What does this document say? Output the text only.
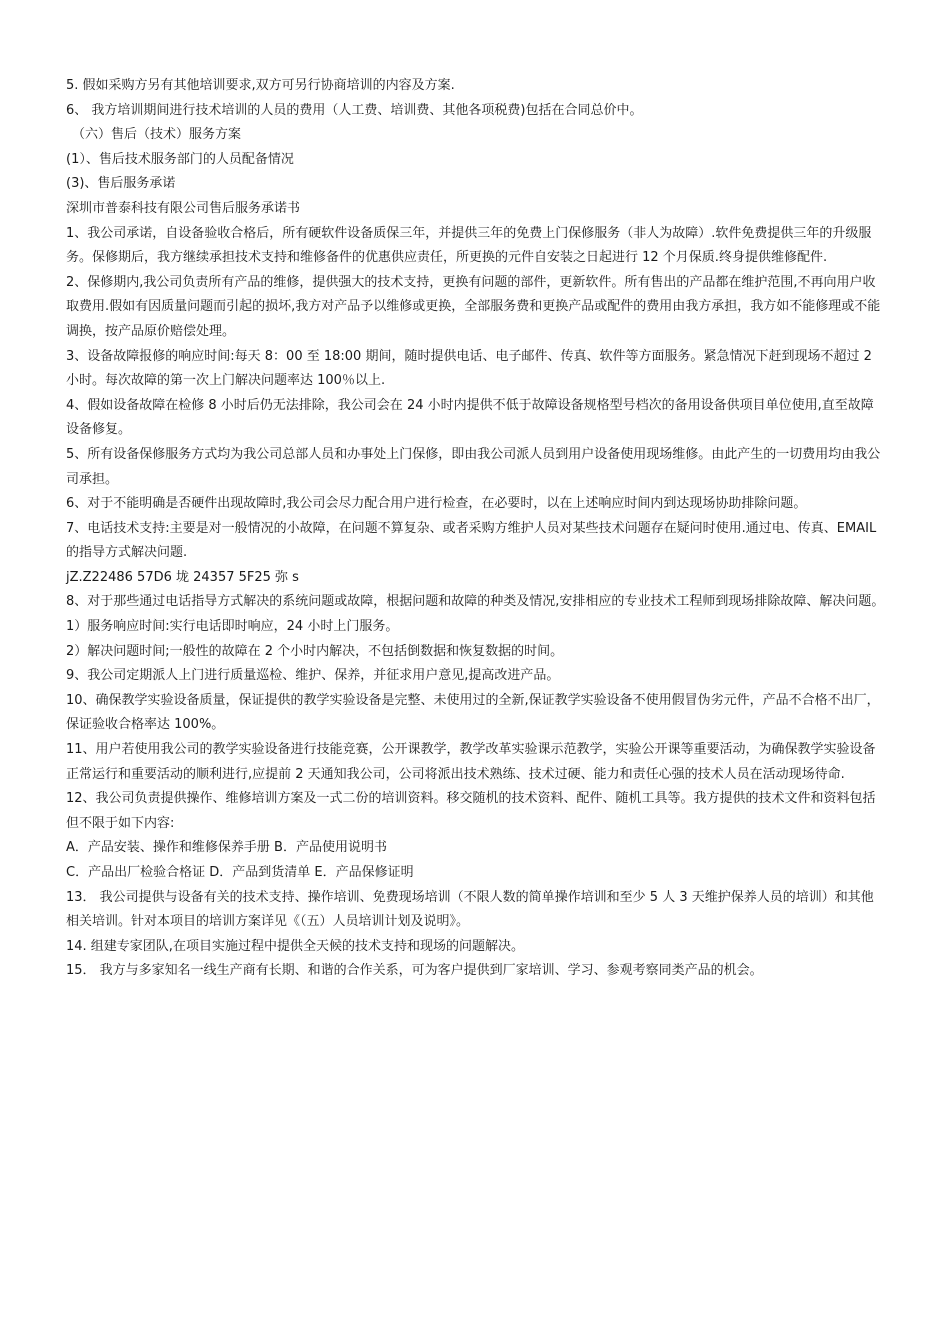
5. 假如采购方另有其他培训要求,双方可另行协商培训的内容及方案.

6、 我方培训期间进行技术培训的人员的费用（人工费、培训费、其他各项税费)包括在合同总价中。

（六）售后（技术）服务方案

(1）、售后技术服务部门的人员配备情况

(3)、售后服务承诺

深圳市普泰科技有限公司售后服务承诺书

1、我公司承诺，自设备验收合格后，所有硬软件设备质保三年，并提供三年的免费上门保修服务（非人为故障）.软件免费提供三年的升级服务。保修期后，我方继续承担技术支持和维修备件的优惠供应责任，所更换的元件自安装之日起进行 12 个月保质.终身提供维修配件.

2、保修期内,我公司负责所有产品的维修，提供强大的技术支持，更换有问题的部件，更新软件。所有售出的产品都在维护范围,不再向用户收取费用.假如有因质量问题而引起的损坏,我方对产品予以维修或更换，全部服务费和更换产品或配件的费用由我方承担，我方如不能修理或不能调换，按产品原价赔偿处理。

3、设备故障报修的响应时间:每天 8：00 至 18:00 期间，随时提供电话、电子邮件、传真、软件等方面服务。紧急情况下赶到现场不超过 2 小时。每次故障的第一次上门解决问题率达 100％以上.

4、假如设备故障在检修 8 小时后仍无法排除，我公司会在 24 小时内提供不低于故障设备规格型号档次的备用设备供项目单位使用,直至故障设备修复。

5、所有设备保修服务方式均为我公司总部人员和办事处上门保修，即由我公司派人员到用户设备使用现场维修。由此产生的一切费用均由我公司承担。

6、对于不能明确是否硬件出现故障时,我公司会尽力配合用户进行检查，在必要时，以在上述响应时间内到达现场协助排除问题。

7、电话技术支持:主要是对一般情况的小故障，在问题不算复杂、或者采购方维护人员对某些技术问题存在疑问时使用.通过电、传真、EMAIL 的指导方式解决问题.

jZ.Z22486 57D6 垅 24357 5F25 弥 s

8、对于那些通过电话指导方式解决的系统问题或故障，根据问题和故障的种类及情况,安排相应的专业技术工程师到现场排除故障、解决问题。

1）服务响应时间:实行电话即时响应，24 小时上门服务。

2）解决问题时间;一般性的故障在 2 个小时内解决，不包括倒数据和恢复数据的时间。

9、我公司定期派人上门进行质量巡检、维护、保养，并征求用户意见,提高改进产品。

10、确保教学实验设备质量，保证提供的教学实验设备是完整、未使用过的全新,保证教学实验设备不使用假冒伪劣元件，产品不合格不出厂，保证验收合格率达 100%。

11、用户若使用我公司的教学实验设备进行技能竞赛，公开课教学，教学改革实验课示范教学，实验公开课等重要活动，为确保教学实验设备正常运行和重要活动的顺利进行,应提前 2 天通知我公司，公司将派出技术熟练、技术过硬、能力和责任心强的技术人员在活动现场待命.

12、我公司负责提供操作、维修培训方案及一式二份的培训资料。移交随机的技术资料、配件、随机工具等。我方提供的技术文件和资料包括但不限于如下内容:

A．产品安装、操作和维修保养手册 B．产品使用说明书

C．产品出厂检验合格证 D．产品到货清单 E．产品保修证明

13． 我公司提供与设备有关的技术支持、操作培训、免费现场培训（不限人数的简单操作培训和至少 5 人 3 天维护保养人员的培训）和其他相关培训。针对本项目的培训方案详见《（五）人员培训计划及说明》。

14. 组建专家团队,在项目实施过程中提供全天候的技术支持和现场的问题解决。

15． 我方与多家知名一线生产商有长期、和谐的合作关系，可为客户提供到厂家培训、学习、参观考察同类产品的机会。
